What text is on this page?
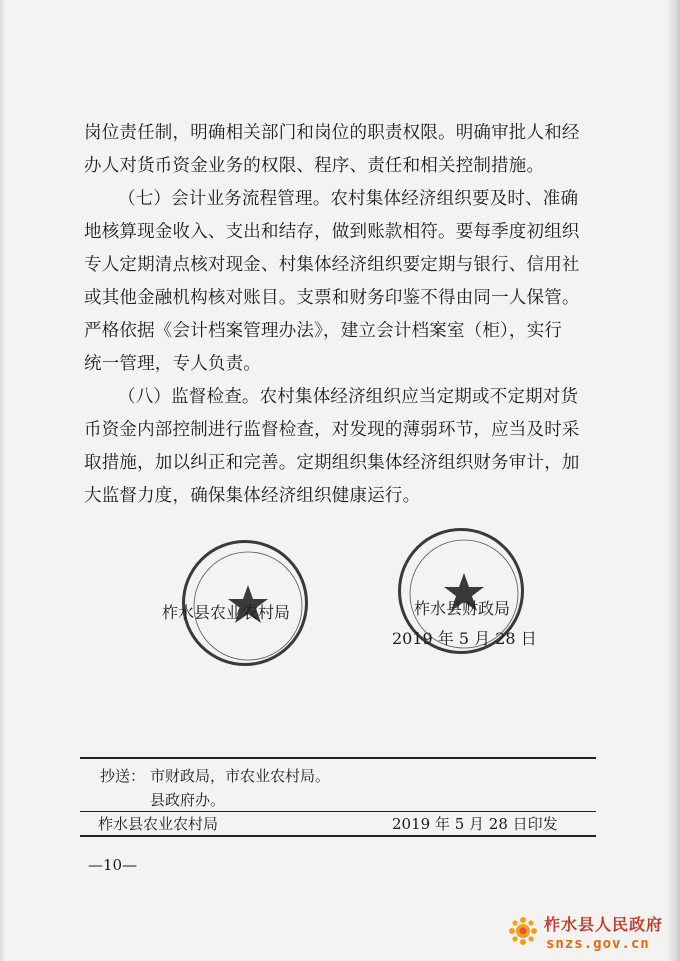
岗位责任制，明确相关部门和岗位的职责权限。明确审批人和经
办人对货币资金业务的权限、程序、责任和相关控制措施。
（七）会计业务流程管理。农村集体经济组织要及时、准确
地核算现金收入、支出和结存，做到账款相符。要每季度初组织
专人定期清点核对现金、村集体经济组织要定期与银行、信用社
或其他金融机构核对账目。支票和财务印鉴不得由同一人保管。
严格依据《会计档案管理办法》，建立会计档案室（柜），实行
统一管理，专人负责。
（八）监督检查。农村集体经济组织应当定期或不定期对货
币资金内部控制进行监督检查，对发现的薄弱环节，应当及时采
取措施，加以纠正和完善。定期组织集体经济组织财务审计，加
大监督力度，确保集体经济组织健康运行。
柞水县农业农村局	柞水县财政局
2019 年 5 月 28 日
抄送： 市财政局，市农业农村局。
县政府办。
柞水县农业农村局	2019 年 5 月 28 日印发
—10—
柞水县人民政府
snzs.gov.cn
